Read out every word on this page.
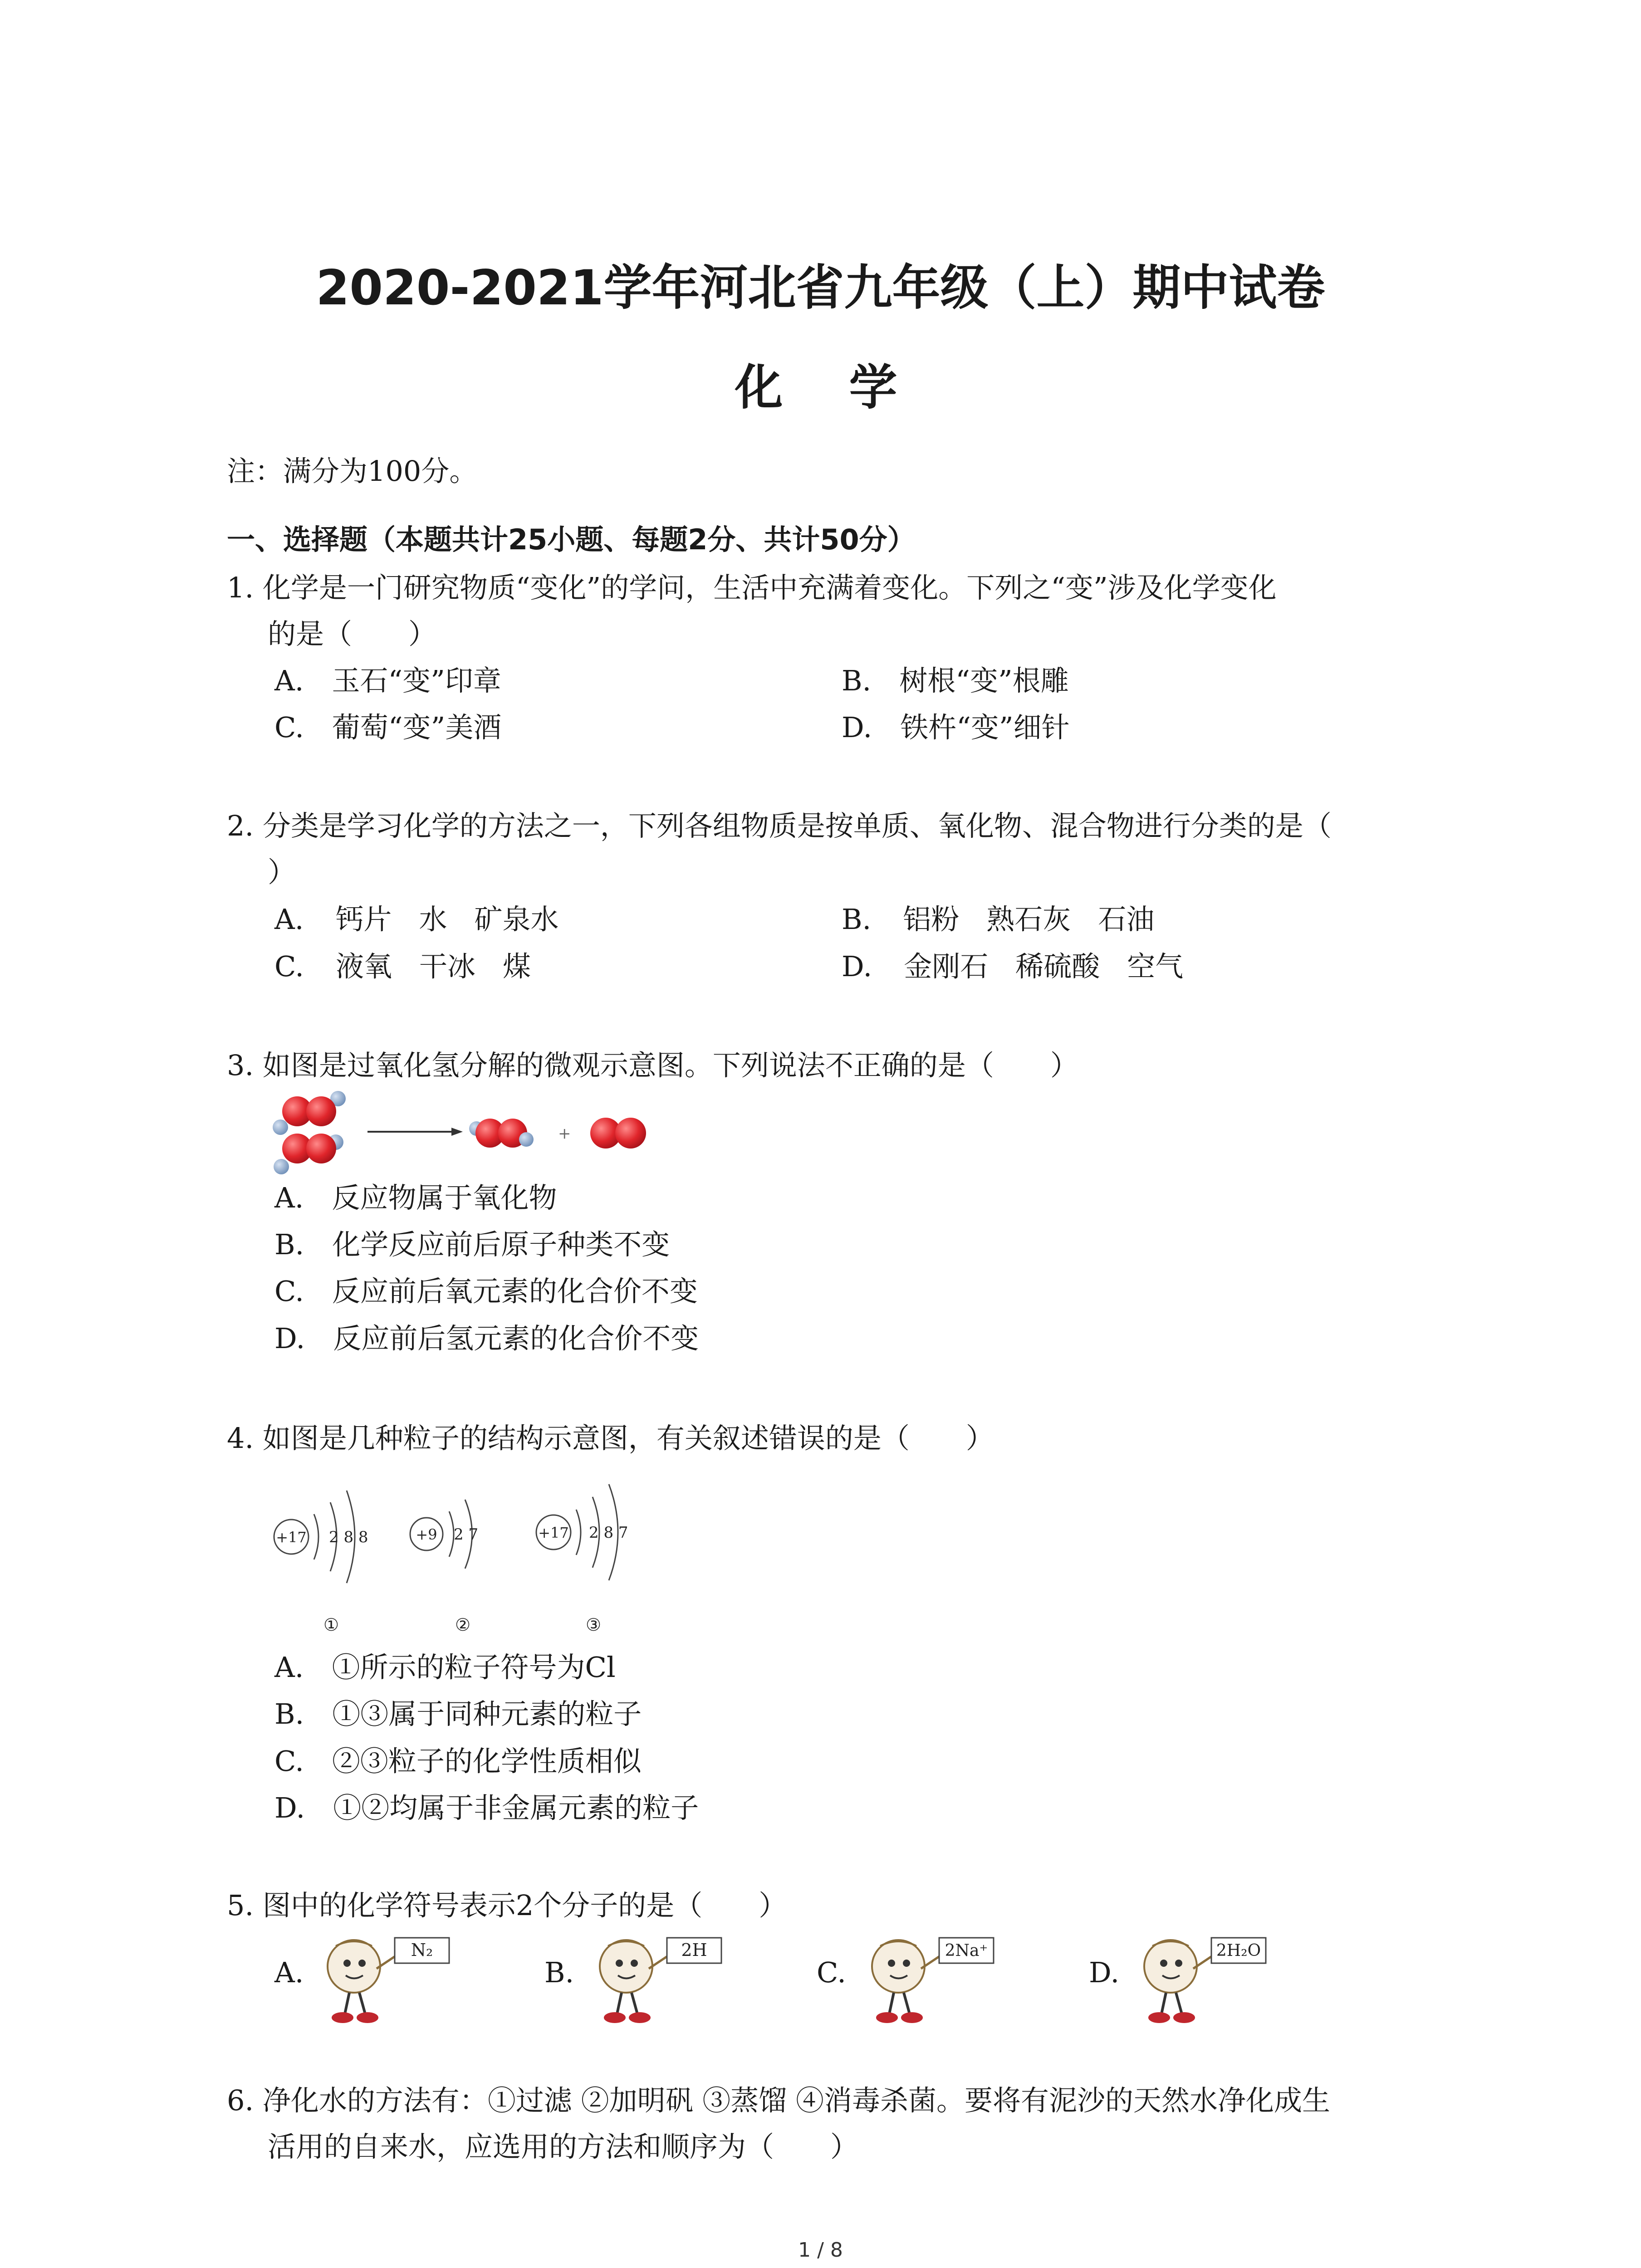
2020-2021学年河北省九年级（上）期中试卷
化　学
注：满分为100分。
一、选择题（本题共计25小题、每题2分、共计50分）
1. 化学是一门研究物质“变化”的学问，生活中充满着变化。下列之“变”涉及化学变化
的是（　　）
A.　玉石“变”印章	B.　树根“变”根雕
C.　葡萄“变”美酒	D.　铁杵“变”细针
2. 分类是学习化学的方法之一，下列各组物质是按单质、氧化物、混合物进行分类的是（
）
A. 钙片 水 矿泉水	B. 铝粉 熟石灰 石油
C. 液氧 干冰 煤	D. 金刚石 稀硫酸 空气
3. 如图是过氧化氢分解的微观示意图。下列说法不正确的是（　　）
+
A.　反应物属于氧化物
B.　化学反应前后原子种类不变
C.　反应前后氧元素的化合价不变
D.　反应前后氢元素的化合价不变
4. 如图是几种粒子的结构示意图，有关叙述错误的是（　　）
+17 2 8 8
①
+9 2 7
②
+17 2 8 7
③
A.　①所示的粒子符号为Cl
B.　①③属于同种元素的粒子
C.　②③粒子的化学性质相似
D.　①②均属于非金属元素的粒子
5. 图中的化学符号表示2个分子的是（　　）
A.
N₂
B.
2H
C.
2Na⁺
D.
2H₂O
6. 净化水的方法有：①过滤 ②加明矾 ③蒸馏 ④消毒杀菌。要将有泥沙的天然水净化成生
活用的自来水，应选用的方法和顺序为（　　）
1 / 8
